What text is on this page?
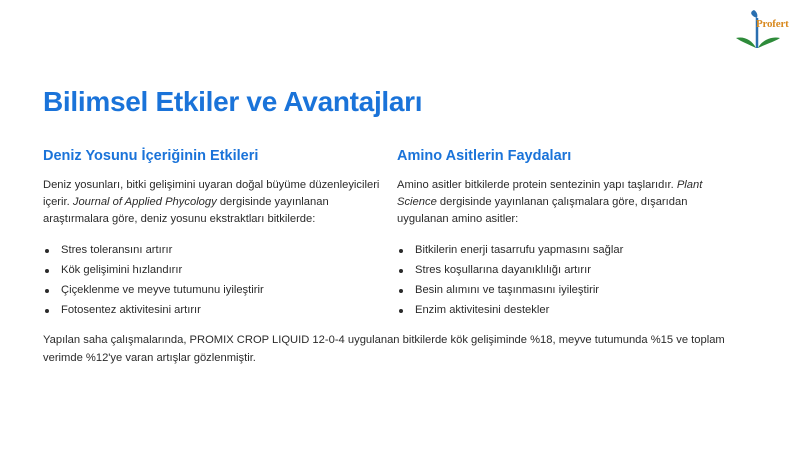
Profert
Bilimsel Etkiler ve Avantajları
Deniz Yosunu İçeriğinin Etkileri

Deniz yosunları, bitki gelişimini uyaran doğal büyüme düzenleyicileri içerir. Journal of Applied Phycology dergisinde yayınlanan araştırmalara göre, deniz yosunu ekstraktları bitkilerde:

Stres toleransını artırır
Kök gelişimini hızlandırır
Çiçeklenme ve meyve tutumunu iyileştirir
Fotosentez aktivitesini artırır
Amino Asitlerin Faydaları

Amino asitler bitkilerde protein sentezinin yapı taşlarıdır. Plant Science dergisinde yayınlanan çalışmalara göre, dışarıdan uygulanan amino asitler:

Bitkilerin enerji tasarrufu yapmasını sağlar
Stres koşullarına dayanıklılığı artırır
Besin alımını ve taşınmasını iyileştirir
Enzim aktivitesini destekler

Yapılan saha çalışmalarında, PROMIX CROP LIQUID 12-0-4 uygulanan bitkilerde kök gelişiminde %18, meyve tutumunda %15 ve toplam verimde %12'ye varan artışlar gözlenmiştir.
